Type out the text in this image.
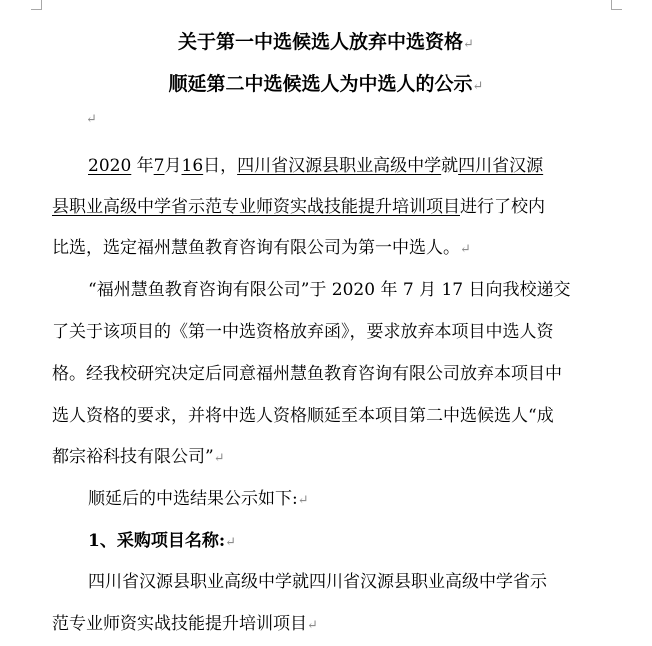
关于第一中选候选人放弃中选资格↵
顺延第二中选候选人为中选人的公示↵
↵
2020 年7月16日，四川省汉源县职业高级中学就四川省汉源
县职业高级中学省示范专业师资实战技能提升培训项目进行了校内
比选，选定福州慧鱼教育咨询有限公司为第一中选人。↵
“福州慧鱼教育咨询有限公司”于 2020 年 7 月 17 日向我校递交
了关于该项目的《第一中选资格放弃函》，要求放弃本项目中选人资
格。经我校研究决定后同意福州慧鱼教育咨询有限公司放弃本项目中
选人资格的要求，并将中选人资格顺延至本项目第二中选候选人“成
都宗裕科技有限公司”↵
顺延后的中选结果公示如下:↵
1、采购项目名称:↵
四川省汉源县职业高级中学就四川省汉源县职业高级中学省示
范专业师资实战技能提升培训项目↵
